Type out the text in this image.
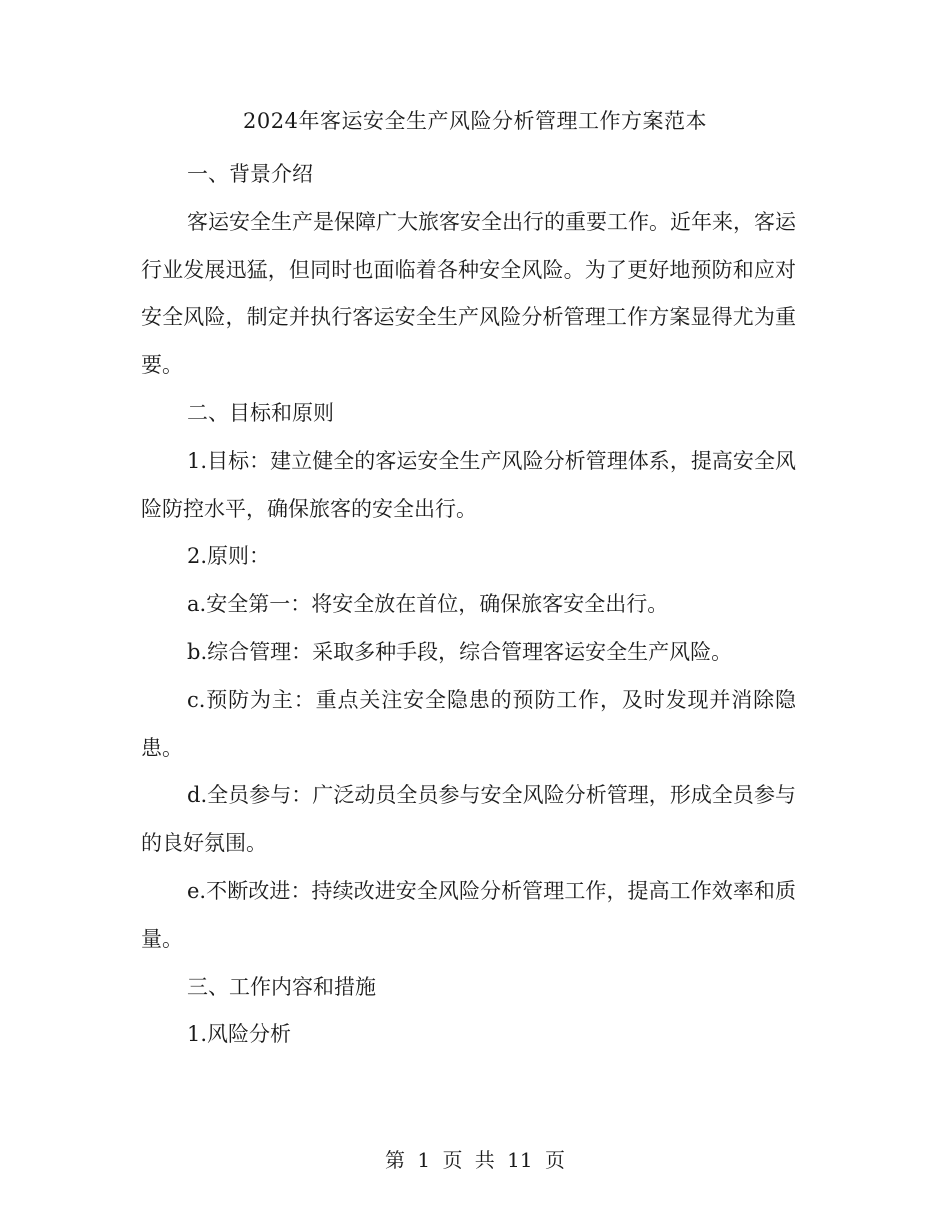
2024年客运安全生产风险分析管理工作方案范本

一、背景介绍

客运安全生产是保障广大旅客安全出行的重要工作。近年来，客运行业发展迅猛，但同时也面临着各种安全风险。为了更好地预防和应对安全风险，制定并执行客运安全生产风险分析管理工作方案显得尤为重要。

二、目标和原则

1.目标：建立健全的客运安全生产风险分析管理体系，提高安全风险防控水平，确保旅客的安全出行。

2.原则：

a.安全第一：将安全放在首位，确保旅客安全出行。

b.综合管理：采取多种手段，综合管理客运安全生产风险。

c.预防为主：重点关注安全隐患的预防工作，及时发现并消除隐患。

d.全员参与：广泛动员全员参与安全风险分析管理，形成全员参与的良好氛围。

e.不断改进：持续改进安全风险分析管理工作，提高工作效率和质量。

三、工作内容和措施

1.风险分析

第 1 页 共 11 页
